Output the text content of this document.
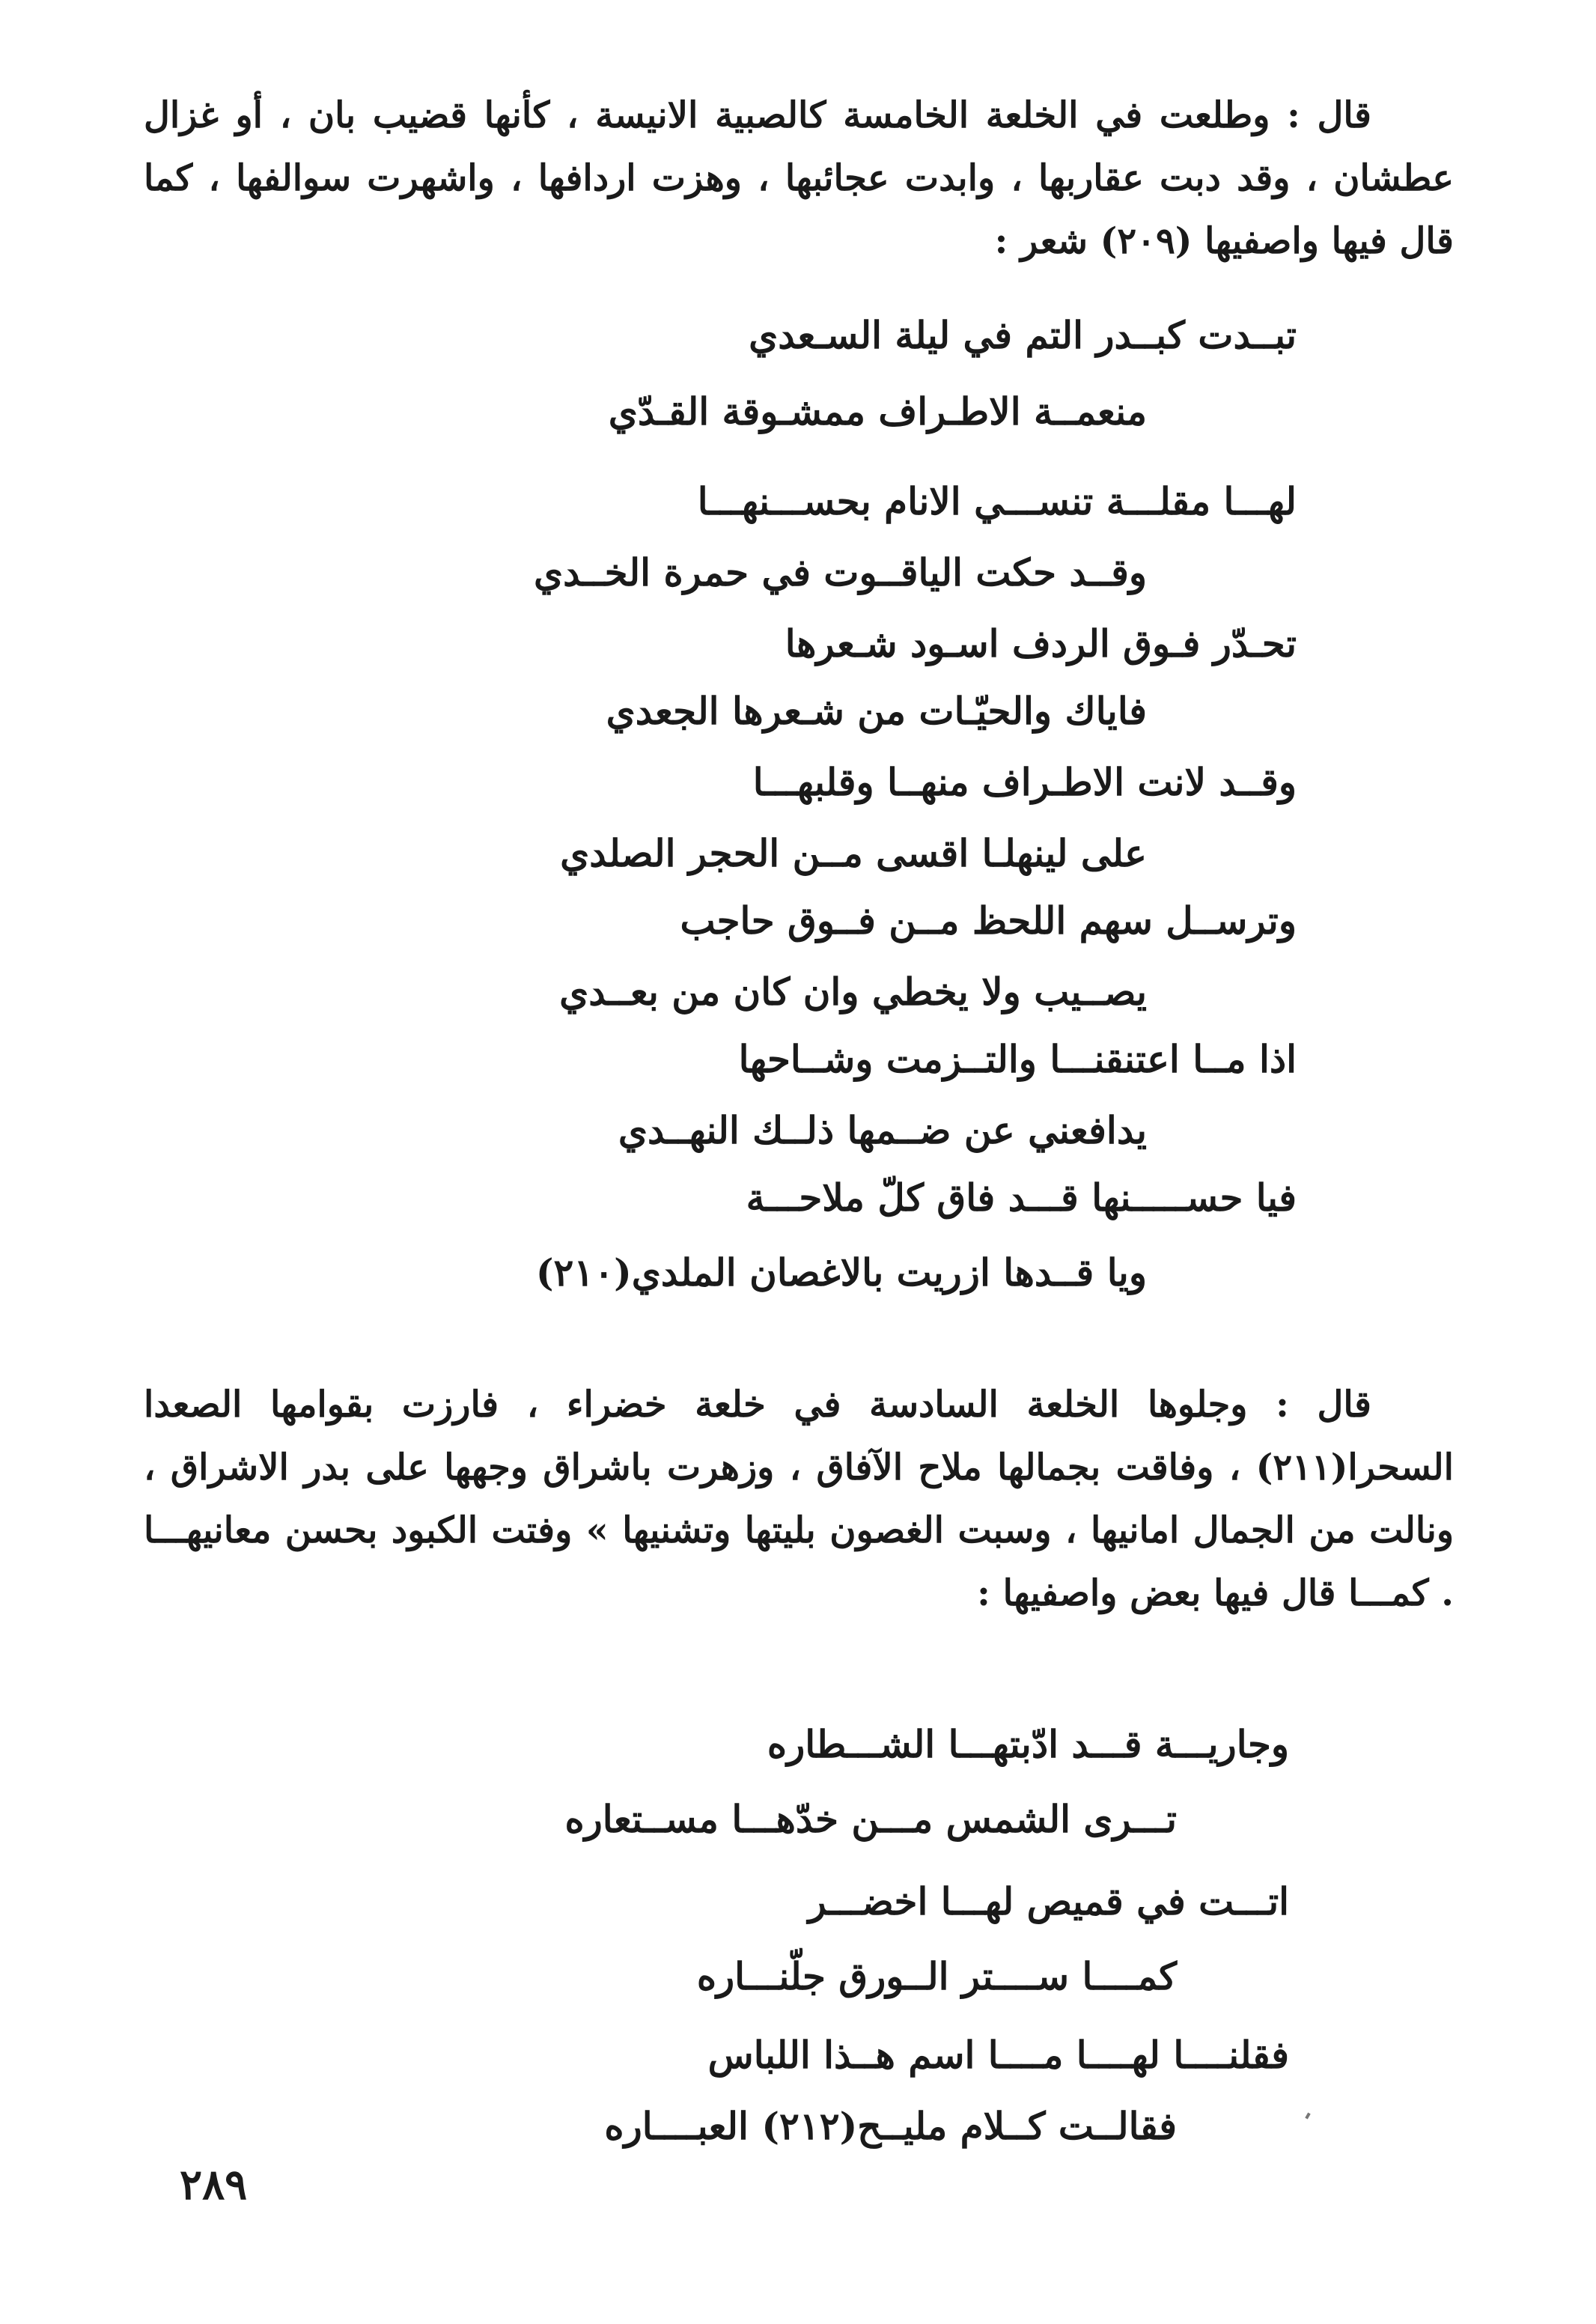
قال : وطلعت في الخلعة الخامسة كالصبية الانيسة ، كأنها قضيب بان ، أو غزال عطشان ، وقد دبت عقاربها ، وابدت عجائبها ، وهزت اردافها ، واشهرت سوالفها ، كما قال فيها واصفيها (٢٠٩) شعر :

تبــدت كبــدر التم في ليلة السـعدي
منعمــة الاطـراف ممشـوقة القـدّي
لهـــا مقلـــة تنســـي الانام بحســـنهـــا
وقــد حكت الياقــوت في حمرة الخــدي
تحـدّر فـوق الردف اسـود شـعرها
فاياك والحيّـات من شـعرها الجعدي
وقــد لانت الاطـراف منهــا وقلبهـــا
على لينهلـا اقسى مــن الحجر الصلدي
وترســل سهم اللحظ مــن فــوق حاجب
يصــيب ولا يخطي وان كان من بعــدي
اذا مــا اعتنقنـــا والتــزمت وشــاحها
يدافعني عن ضــمها ذلــك النهــدي
فيا حســـــنها قـــد فاق كلّ ملاحـــة
ويا قــدها ازريت بالاغصان الملدي(٢١٠)

قال : وجلوها الخلعة السادسة في خلعة خضراء ، فارزت بقوامها الصعدا السحرا(٢١١) ، وفاقت بجمالها ملاح الآفاق ، وزهرت باشراق وجهها على بدر الاشراق ، ونالت من الجمال امانيها ، وسبت الغصون بليتها وتشنيها » وفتت الكبود بحسن معانيهـــا . كمـــا قال فيها بعض واصفيها :

وجاريـــة قـــد ادّبتهـــا الشـــطاره
تـــرى الشمس مـــن خدّهـــا مســتعاره
اتـــت في قميص لهـــا اخضـــر
كمــــا ســــتر الــورق جلّنـــاره
فقلنــــا لهــــا مــــا اسم هــذا اللباس
فقالــت كــلام مليــح(٢١٢) العبــــاره
٢٨٩
